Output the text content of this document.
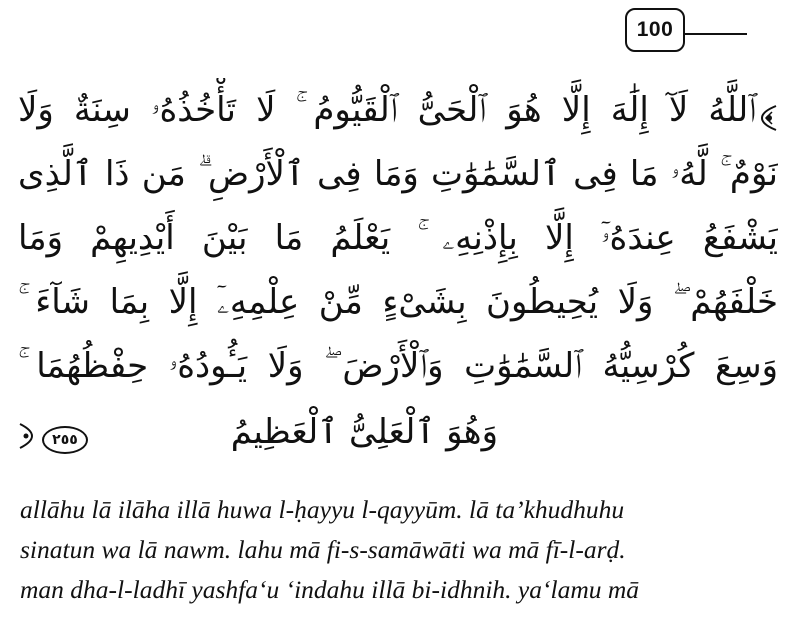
100
ٱللَّهُ لَآ إِلَٰهَ إِلَّا هُوَ ٱلْحَىُّ ٱلْقَيُّومُ ۚ لَا تَأْخُذُهُۥ سِنَةٌ وَلَا
نَوْمٌ ۚ لَّهُۥ مَا فِى ٱلسَّمَٰوَٰتِ وَمَا فِى ٱلْأَرْضِ ۗ مَن ذَا ٱلَّذِى
يَشْفَعُ عِندَهُۥٓ إِلَّا بِإِذْنِهِۦ ۚ يَعْلَمُ مَا بَيْنَ أَيْدِيهِمْ وَمَا
خَلْفَهُمْ ۖ وَلَا يُحِيطُونَ بِشَىْءٍ مِّنْ عِلْمِهِۦٓ إِلَّا بِمَا شَآءَ ۚ
وَسِعَ كُرْسِيُّهُ ٱلسَّمَٰوَٰتِ وَٱلْأَرْضَ ۖ وَلَا يَـُٔودُهُۥ حِفْظُهُمَا ۚ
وَهُوَ ٱلْعَلِىُّ ٱلْعَظِيمُ
٢٥٥
allāhu lā ilāha illā huwa l-ḥayyu l-qayyūm. lā ta’khudhuhu
sinatun wa lā nawm. lahu mā fi-s-samāwāti wa mā fī-l-arḍ.
man dha-l-ladhī yashfa‘u ‘indahu illā bi-idhnih. ya‘lamu mā
